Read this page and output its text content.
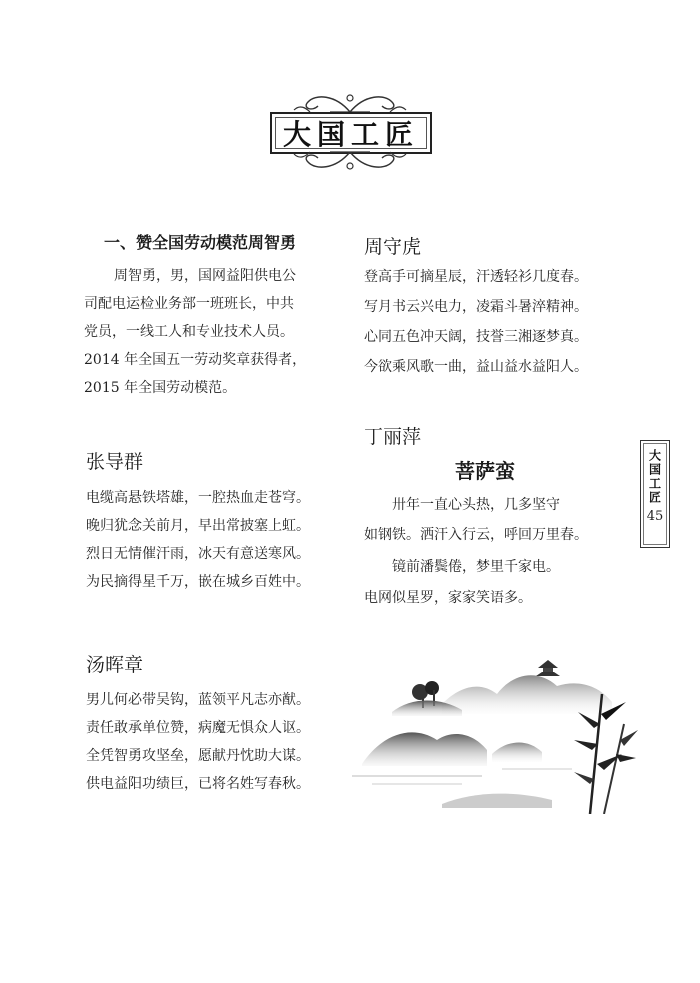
大国工匠
一、赞全国劳动模范周智勇
周智勇，男，国网益阳供电公
司配电运检业务部一班班长，中共
党员，一线工人和专业技术人员。
2014 年全国五一劳动奖章获得者，
2015 年全国劳动模范。
张导群
电缆高悬铁塔雄，一腔热血走苍穹。
晚归犹念关前月，早出常披塞上虹。
烈日无情催汗雨，冰天有意送寒风。
为民摘得星千万，嵌在城乡百姓中。
汤晖章
男儿何必带吴钩，蓝领平凡志亦猷。
责任敢承单位赞，病魔无惧众人讴。
全凭智勇攻坚垒，愿献丹忱助大谋。
供电益阳功绩巨，已将名姓写春秋。
周守虎
登高手可摘星辰，汗透轻衫几度春。
写月书云兴电力，凌霜斗暑淬精神。
心同五色冲天阔，技誉三湘逐梦真。
今欲乘风歌一曲，益山益水益阳人。
丁丽萍
菩萨蛮
卅年一直心头热，几多坚守
如钢铁。洒汗入行云，呼回万里春。
镜前潘鬓倦，梦里千家电。
电网似星罗，家家笑语多。
大国工匠
45
